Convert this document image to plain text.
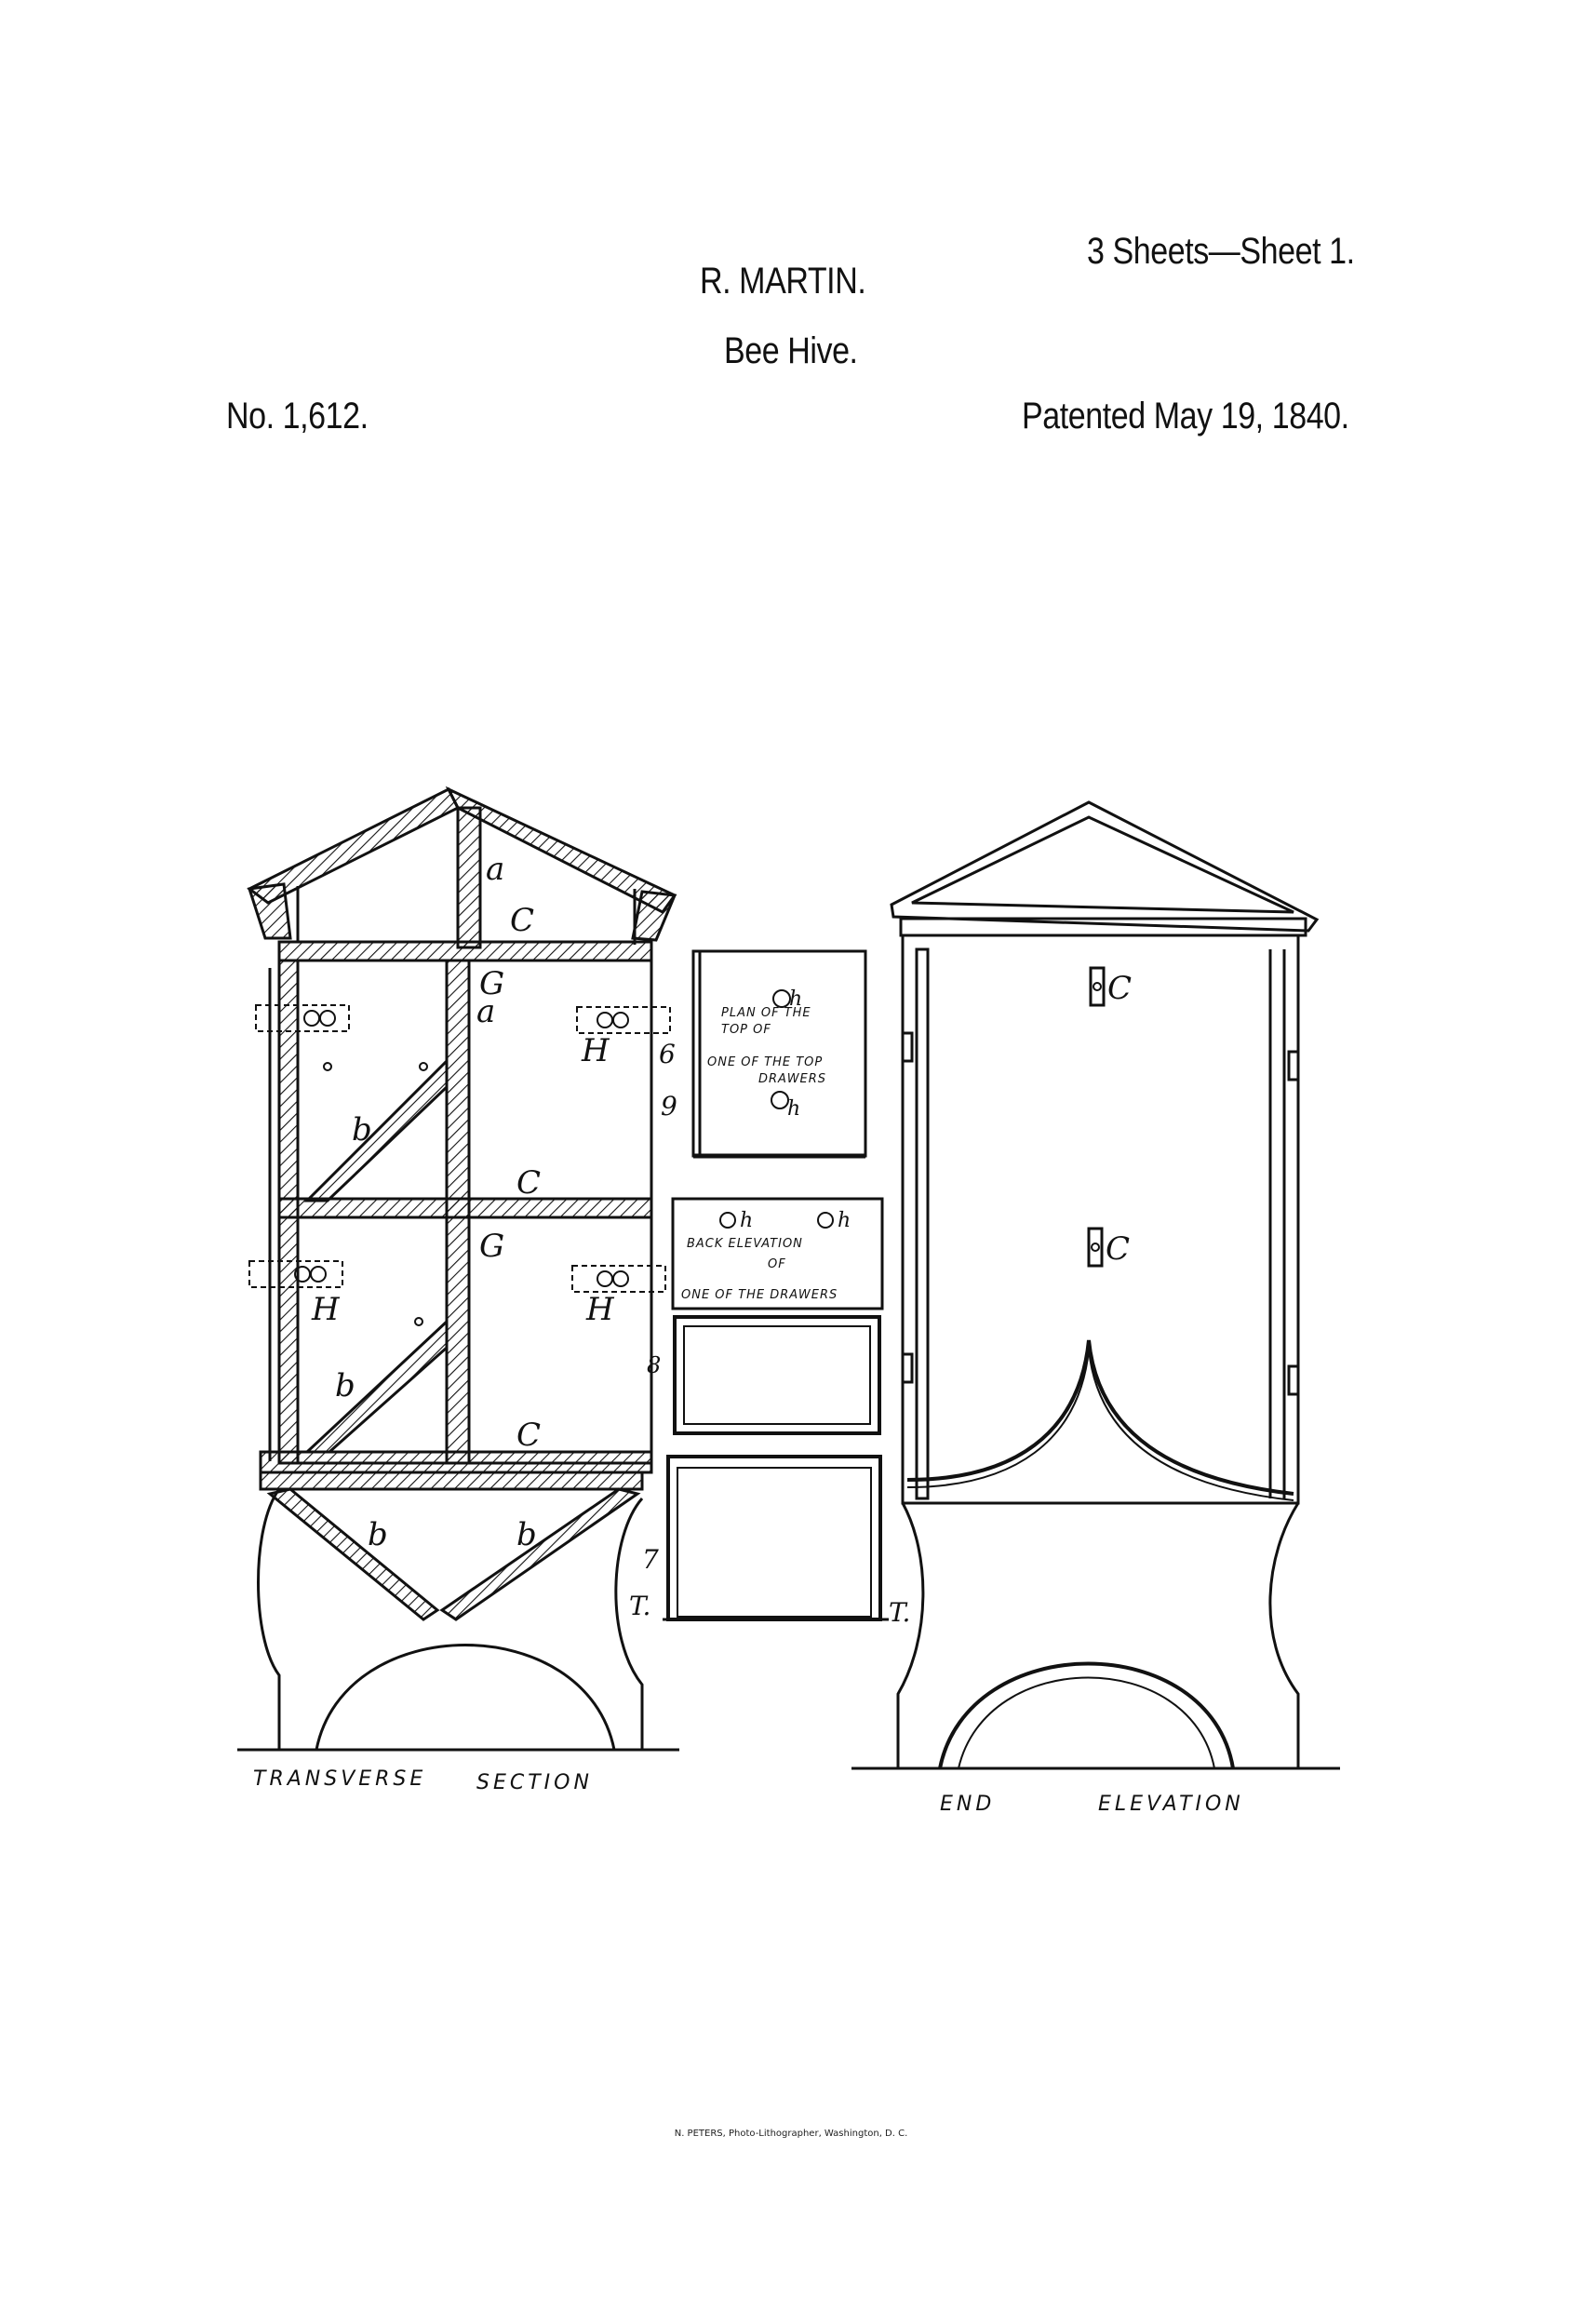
3 Sheets—Sheet 1.
R. MARTIN.
Bee Hive.
No. 1,612.	Patented May 19, 1840.
a
C
G
a
H
b
C
G
H
H
b
C
b	b
TRANSVERSE SECTION
6
9
8
7
h
h
PLAN OF THE
TOP OF
ONE OF THE TOP
DRAWERS
h	h
BACK ELEVATION
OF
ONE OF THE DRAWERS
T.	T.
C
C
END	ELEVATION
N. PETERS, Photo-Lithographer, Washington, D. C.
